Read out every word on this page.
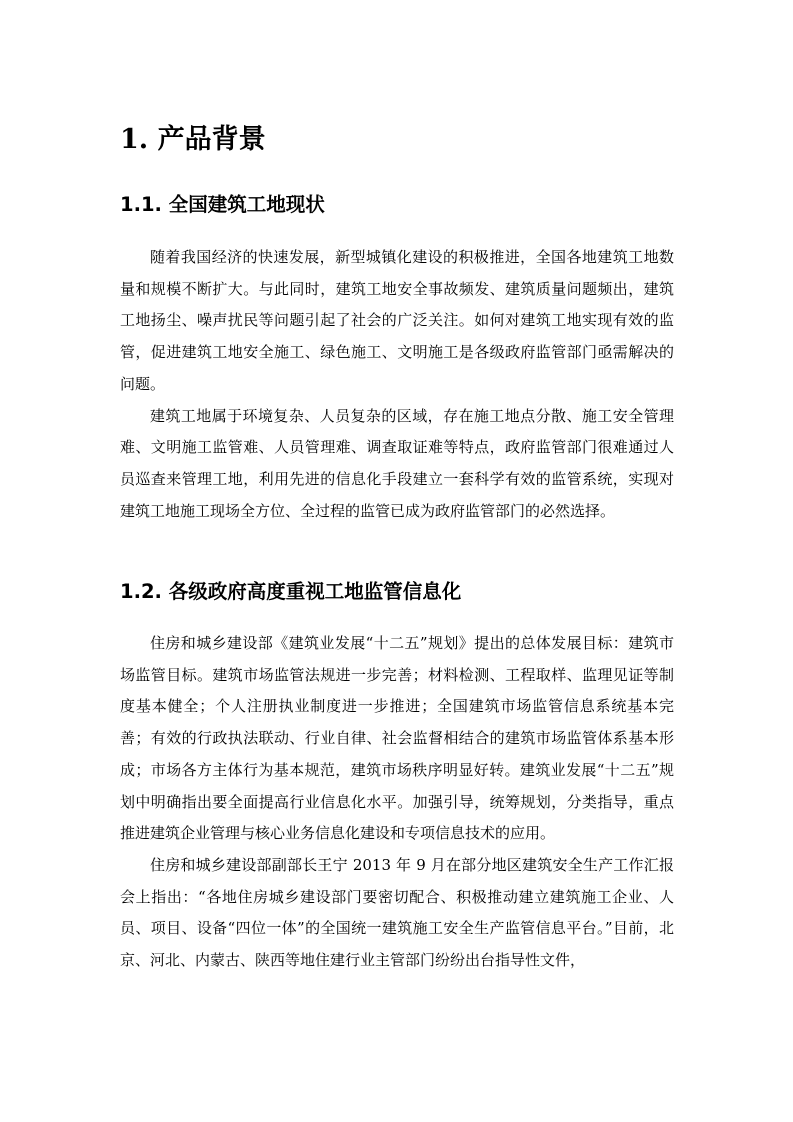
1. 产品背景
1.1. 全国建筑工地现状

随着我国经济的快速发展，新型城镇化建设的积极推进，全国各地建筑工地数量和规模不断扩大。与此同时，建筑工地安全事故频发、建筑质量问题频出，建筑工地扬尘、噪声扰民等问题引起了社会的广泛关注。如何对建筑工地实现有效的监管，促进建筑工地安全施工、绿色施工、文明施工是各级政府监管部门亟需解决的问题。

建筑工地属于环境复杂、人员复杂的区域，存在施工地点分散、施工安全管理难、文明施工监管难、人员管理难、调查取证难等特点，政府监管部门很难通过人员巡查来管理工地，利用先进的信息化手段建立一套科学有效的监管系统，实现对建筑工地施工现场全方位、全过程的监管已成为政府监管部门的必然选择。

1.2. 各级政府高度重视工地监管信息化

住房和城乡建设部《建筑业发展“十二五”规划》提出的总体发展目标：建筑市场监管目标。建筑市场监管法规进一步完善；材料检测、工程取样、监理见证等制度基本健全；个人注册执业制度进一步推进；全国建筑市场监管信息系统基本完善；有效的行政执法联动、行业自律、社会监督相结合的建筑市场监管体系基本形成；市场各方主体行为基本规范，建筑市场秩序明显好转。建筑业发展“十二五”规划中明确指出要全面提高行业信息化水平。加强引导，统筹规划，分类指导，重点推进建筑企业管理与核心业务信息化建设和专项信息技术的应用。

住房和城乡建设部副部长王宁 2013 年 9 月在部分地区建筑安全生产工作汇报会上指出：“各地住房城乡建设部门要密切配合、积极推动建立建筑施工企业、人员、项目、设备“四位一体”的全国统一建筑施工安全生产监管信息平台。”目前，北京、河北、内蒙古、陕西等地住建行业主管部门纷纷出台指导性文件，
